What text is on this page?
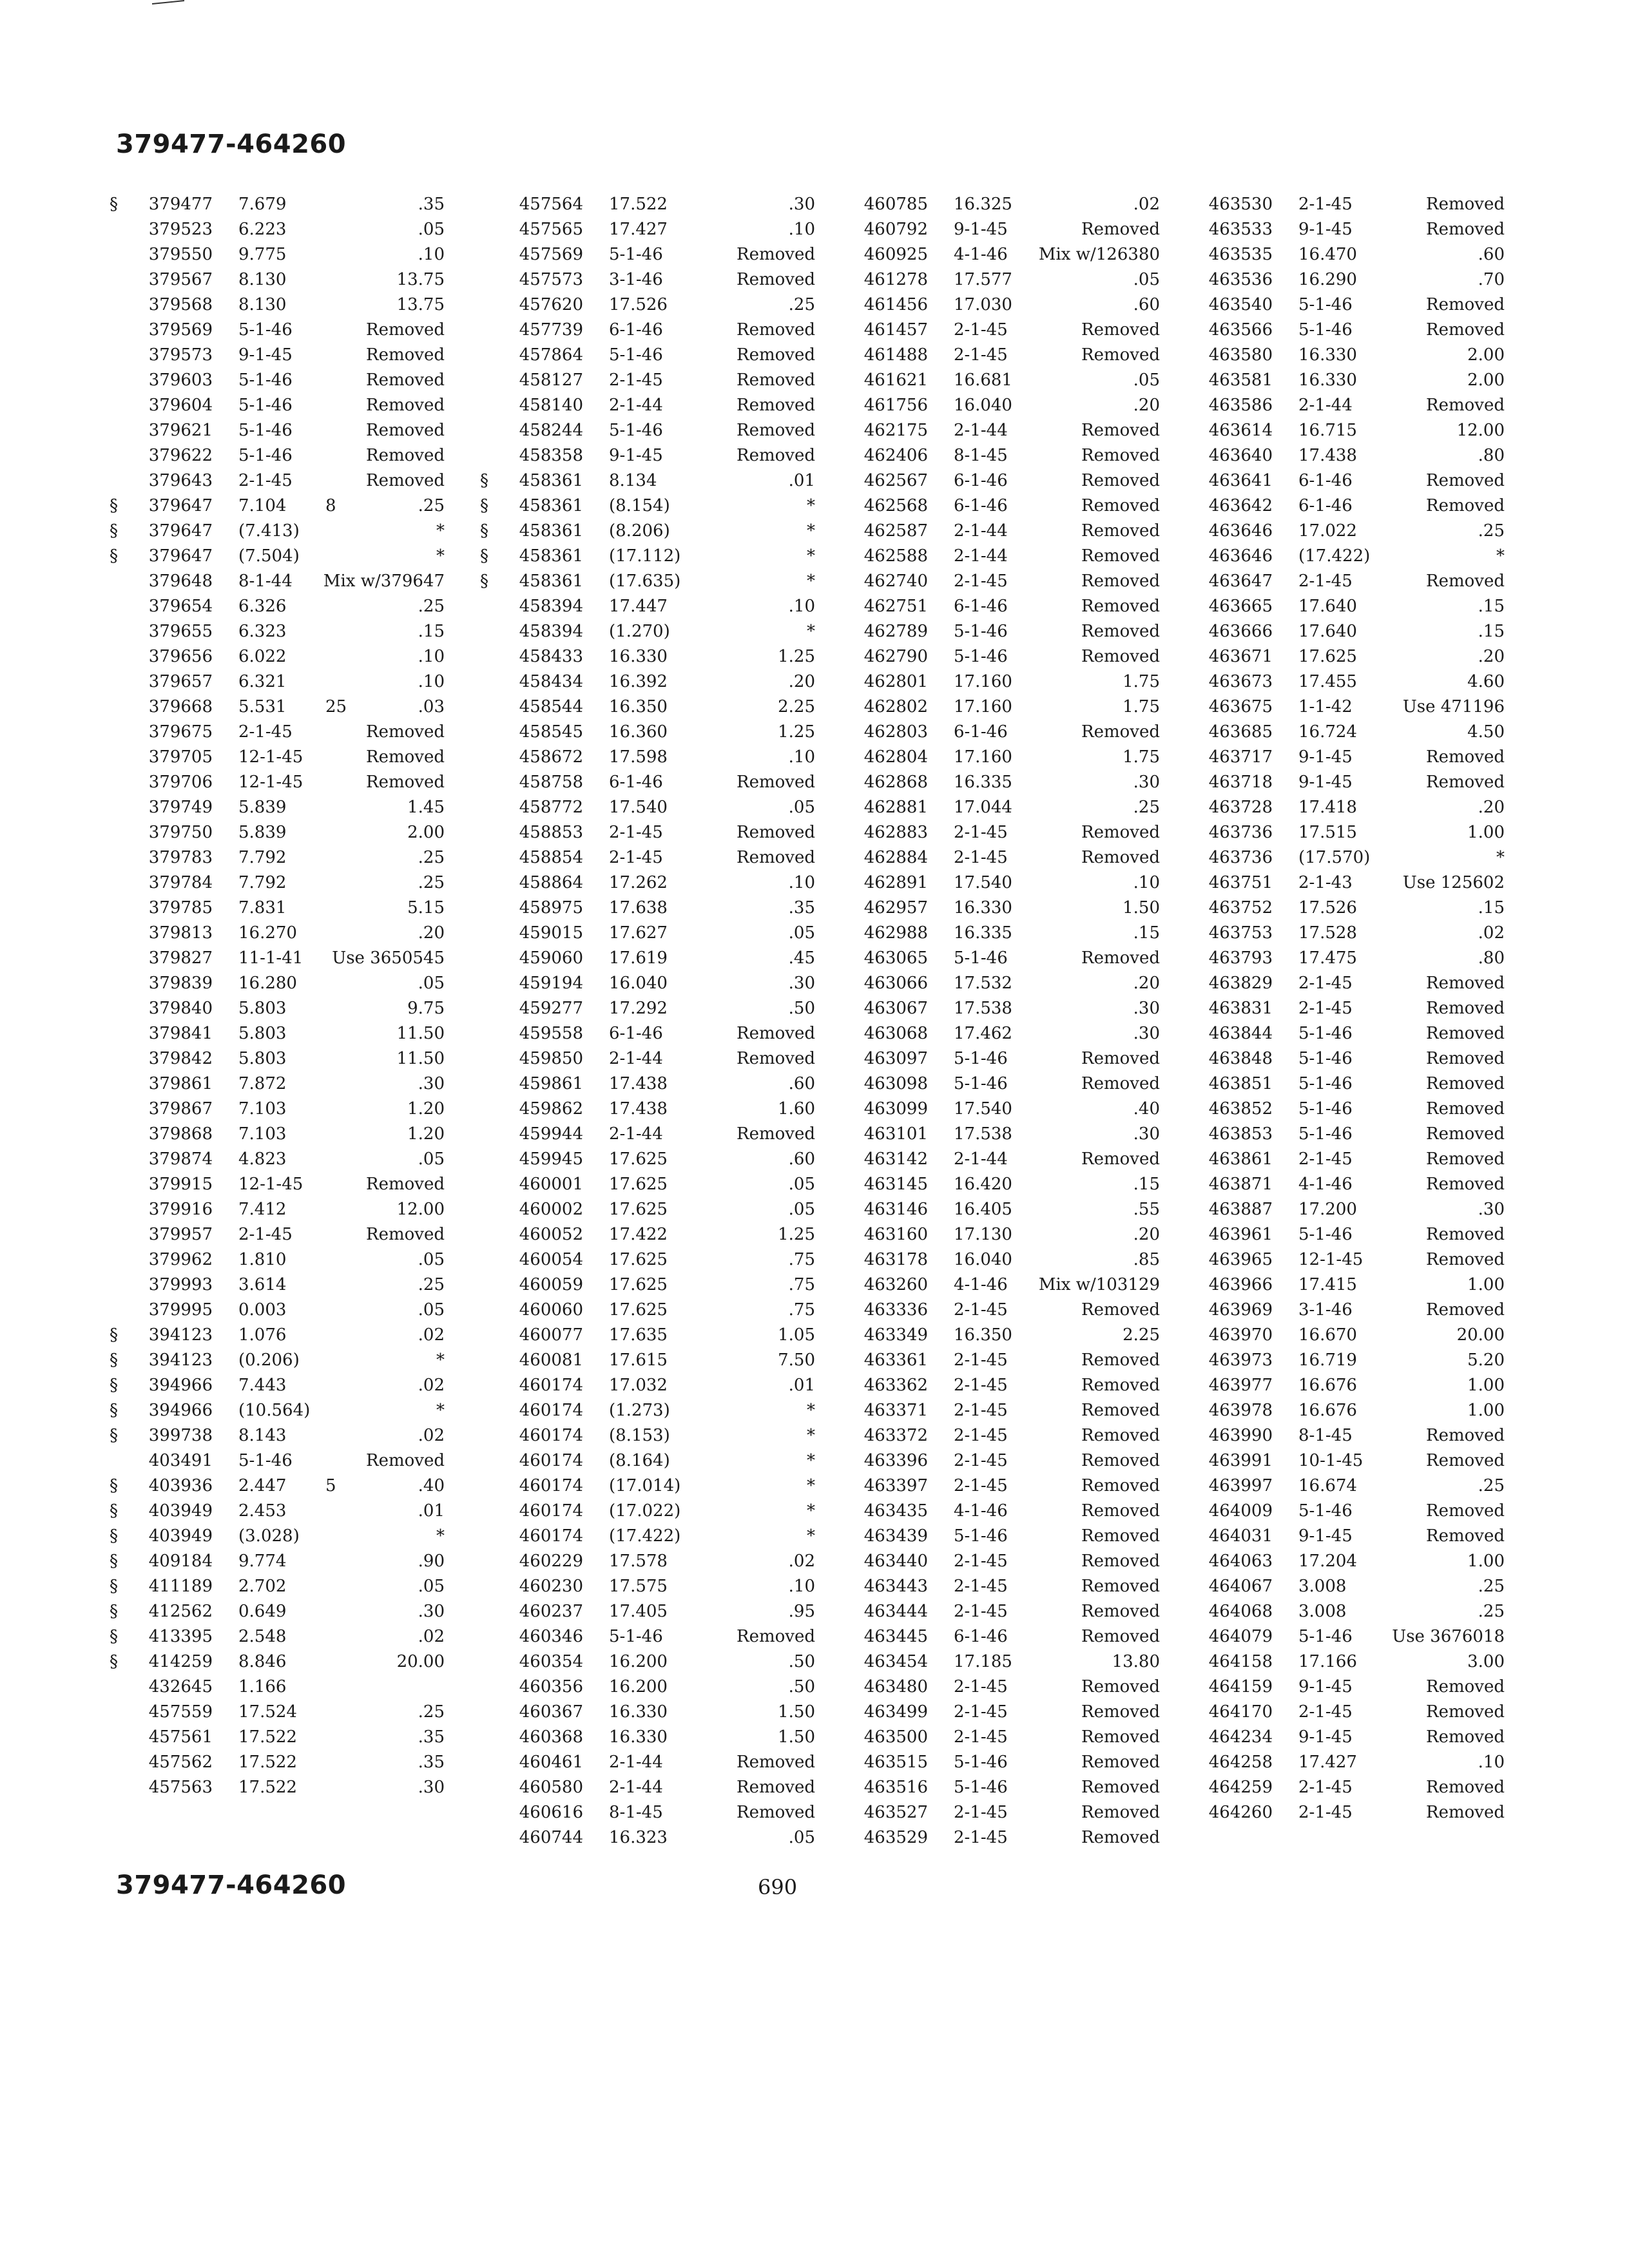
379477-464260
§ 379477 7.679	.35
379523 6.223	.05
379550 9.775	.10
379567 8.130	13.75
379568 8.130	13.75
379569 5-1-46	Removed
379573 9-1-45	Removed
379603 5-1-46	Removed
379604 5-1-46	Removed
379621 5-1-46	Removed
379622 5-1-46	Removed
379643 2-1-45	Removed
§ 379647 7.104 8	.25
§ 379647 (7.413)	*
§ 379647 (7.504)	*
379648 8-1-44 Mix w/379647
379654 6.326	.25
379655 6.323	.15
379656 6.022	.10
379657 6.321	.10
379668 5.531 25	.03
379675 2-1-45	Removed
379705 12-1-45	Removed
379706 12-1-45	Removed
379749 5.839	1.45
379750 5.839	2.00
379783 7.792	.25
379784 7.792	.25
379785 7.831	5.15
379813 16.270	.20
379827 11-1-41 Use 3650545
379839 16.280	.05
379840 5.803	9.75
379841 5.803	11.50
379842 5.803	11.50
379861 7.872	.30
379867 7.103	1.20
379868 7.103	1.20
379874 4.823	.05
379915 12-1-45	Removed
379916 7.412	12.00
379957 2-1-45	Removed
379962 1.810	.05
379993 3.614	.25
379995 0.003	.05
§ 394123 1.076	.02
§ 394123 (0.206)	*
§ 394966 7.443	.02
§ 394966 (10.564)	*
§ 399738 8.143	.02
403491 5-1-46	Removed
§ 403936 2.447 5	.40
§ 403949 2.453	.01
§ 403949 (3.028)	*
§ 409184 9.774	.90
§ 411189 2.702	.05
§ 412562 0.649	.30
§ 413395 2.548	.02
§ 414259 8.846	20.00
432645 1.166
457559 17.524	.25
457561 17.522	.35
457562 17.522	.35
457563 17.522	.30
457564 17.522	.30
457565 17.427	.10
457569 5-1-46	Removed
457573 3-1-46	Removed
457620 17.526	.25
457739 6-1-46	Removed
457864 5-1-46	Removed
458127 2-1-45	Removed
458140 2-1-44	Removed
458244 5-1-46	Removed
458358 9-1-45	Removed
§ 458361 8.134	.01
§ 458361 (8.154)	*
§ 458361 (8.206)	*
§ 458361 (17.112)	*
§ 458361 (17.635)	*
458394 17.447	.10
458394 (1.270)	*
458433 16.330	1.25
458434 16.392	.20
458544 16.350	2.25
458545 16.360	1.25
458672 17.598	.10
458758 6-1-46	Removed
458772 17.540	.05
458853 2-1-45	Removed
458854 2-1-45	Removed
458864 17.262	.10
458975 17.638	.35
459015 17.627	.05
459060 17.619	.45
459194 16.040	.30
459277 17.292	.50
459558 6-1-46	Removed
459850 2-1-44	Removed
459861 17.438	.60
459862 17.438	1.60
459944 2-1-44	Removed
459945 17.625	.60
460001 17.625	.05
460002 17.625	.05
460052 17.422	1.25
460054 17.625	.75
460059 17.625	.75
460060 17.625	.75
460077 17.635	1.05
460081 17.615	7.50
460174 17.032	.01
460174 (1.273)	*
460174 (8.153)	*
460174 (8.164)	*
460174 (17.014)	*
460174 (17.022)	*
460174 (17.422)	*
460229 17.578	.02
460230 17.575	.10
460237 17.405	.95
460346 5-1-46	Removed
460354 16.200	.50
460356 16.200	.50
460367 16.330	1.50
460368 16.330	1.50
460461 2-1-44	Removed
460580 2-1-44	Removed
460616 8-1-45	Removed
460744 16.323	.05
460785 16.325	.02
460792 9-1-45	Removed
460925 4-1-46 Mix w/126380
461278 17.577	.05
461456 17.030	.60
461457 2-1-45	Removed
461488 2-1-45	Removed
461621 16.681	.05
461756 16.040	.20
462175 2-1-44	Removed
462406 8-1-45	Removed
462567 6-1-46	Removed
462568 6-1-46	Removed
462587 2-1-44	Removed
462588 2-1-44	Removed
462740 2-1-45	Removed
462751 6-1-46	Removed
462789 5-1-46	Removed
462790 5-1-46	Removed
462801 17.160	1.75
462802 17.160	1.75
462803 6-1-46	Removed
462804 17.160	1.75
462868 16.335	.30
462881 17.044	.25
462883 2-1-45	Removed
462884 2-1-45	Removed
462891 17.540	.10
462957 16.330	1.50
462988 16.335	.15
463065 5-1-46	Removed
463066 17.532	.20
463067 17.538	.30
463068 17.462	.30
463097 5-1-46	Removed
463098 5-1-46	Removed
463099 17.540	.40
463101 17.538	.30
463142 2-1-44	Removed
463145 16.420	.15
463146 16.405	.55
463160 17.130	.20
463178 16.040	.85
463260 4-1-46 Mix w/103129
463336 2-1-45	Removed
463349 16.350	2.25
463361 2-1-45	Removed
463362 2-1-45	Removed
463371 2-1-45	Removed
463372 2-1-45	Removed
463396 2-1-45	Removed
463397 2-1-45	Removed
463435 4-1-46	Removed
463439 5-1-46	Removed
463440 2-1-45	Removed
463443 2-1-45	Removed
463444 2-1-45	Removed
463445 6-1-46	Removed
463454 17.185	13.80
463480 2-1-45	Removed
463499 2-1-45	Removed
463500 2-1-45	Removed
463515 5-1-46	Removed
463516 5-1-46	Removed
463527 2-1-45	Removed
463529 2-1-45	Removed
463530 2-1-45	Removed
463533 9-1-45	Removed
463535 16.470	.60
463536 16.290	.70
463540 5-1-46	Removed
463566 5-1-46	Removed
463580 16.330	2.00
463581 16.330	2.00
463586 2-1-44	Removed
463614 16.715	12.00
463640 17.438	.80
463641 6-1-46	Removed
463642 6-1-46	Removed
463646 17.022	.25
463646 (17.422)	*
463647 2-1-45	Removed
463665 17.640	.15
463666 17.640	.15
463671 17.625	.20
463673 17.455	4.60
463675 1-1-42	Use 471196
463685 16.724	4.50
463717 9-1-45	Removed
463718 9-1-45	Removed
463728 17.418	.20
463736 17.515	1.00
463736 (17.570)	*
463751 2-1-43	Use 125602
463752 17.526	.15
463753 17.528	.02
463793 17.475	.80
463829 2-1-45	Removed
463831 2-1-45	Removed
463844 5-1-46	Removed
463848 5-1-46	Removed
463851 5-1-46	Removed
463852 5-1-46	Removed
463853 5-1-46	Removed
463861 2-1-45	Removed
463871 4-1-46	Removed
463887 17.200	.30
463961 5-1-46	Removed
463965 12-1-45	Removed
463966 17.415	1.00
463969 3-1-46	Removed
463970 16.670	20.00
463973 16.719	5.20
463977 16.676	1.00
463978 16.676	1.00
463990 8-1-45	Removed
463991 10-1-45	Removed
463997 16.674	.25
464009 5-1-46	Removed
464031 9-1-45	Removed
464063 17.204	1.00
464067 3.008	.25
464068 3.008	.25
464079 5-1-46 Use 3676018
464158 17.166	3.00
464159 9-1-45	Removed
464170 2-1-45	Removed
464234 9-1-45	Removed
464258 17.427	.10
464259 2-1-45	Removed
464260 2-1-45	Removed
379477-464260	690
